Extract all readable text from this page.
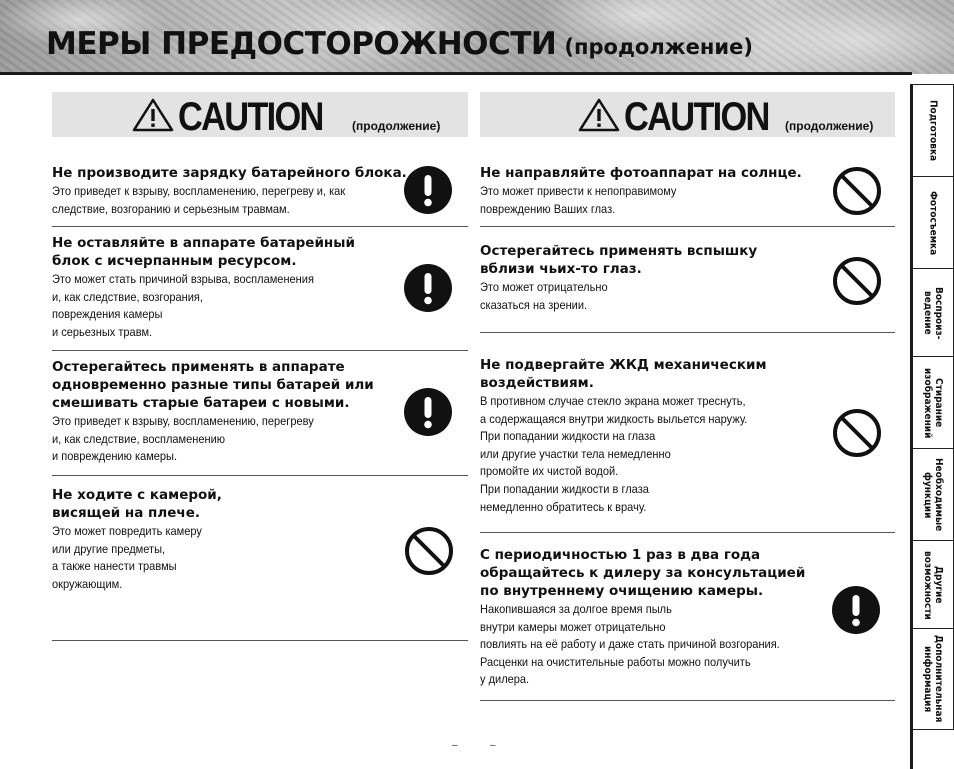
МЕРЫ ПРЕДОСТОРОЖНОСТИ (продолжение)
CAUTION (продолжение)
Не производите зарядку батарейного блока.

Это приведет к взрыву, воспламенению, перегреву и, как
следствие, возгоранию и серьезным травмам.

Не оставляйте в аппарате батарейный
блок с исчерпанным ресурсом.

Это может стать причиной взрыва, воспламенения
и, как следствие, возгорания,
повреждения камеры
и серьезных травм.

Остерегайтесь применять в аппарате
одновременно разные типы батарей или
смешивать старые батареи с новыми.

Это приведет к взрыву, воспламенению, перегреву
и, как следствие, воспламенению
и повреждению камеры.

Не ходите с камерой,
висящей на плече.

Это может повредить камеру
или другие предметы,
а также нанести травмы
окружающим.

CAUTION (продолжение)
Не направляйте фотоаппарат на солнце.

Это может привести к непоправимому
повреждению Ваших глаз.

Остерегайтесь применять вспышку
вблизи чьих-то глаз.

Это может отрицательно
сказаться на зрении.

Не подвергайте ЖКД механическим
воздействиям.

В противном случае стекло экрана может треснуть,
а содержащаяся внутри жидкость выльется наружу.
При попадании жидкости на глаза
или другие участки тела немедленно
промойте их чистой водой.
При попадании жидкости в глаза
немедленно обратитесь к врачу.

С периодичностью 1 раз в два года
обращайтесь к дилеру за консультацией
по внутреннему очищению камеры.

Накопившаяся за долгое время пыль
внутри камеры может отрицательно
повлиять на её работу и даже стать причиной возгорания.
Расценки на очистительные работы можно получить
у дилера.

Подготовка
Фотосъемка
Воспроиз-
ведение
Стирание
изображений
Необходимые
функции
Другие
возможности
Дополнительная
информация
–	–
